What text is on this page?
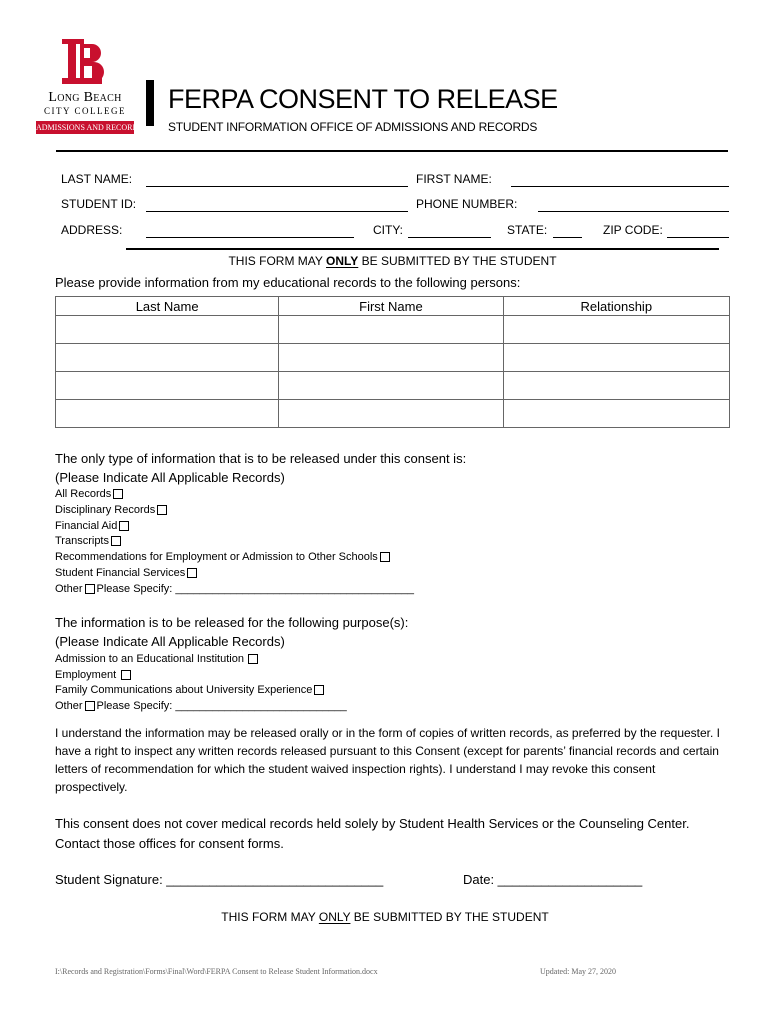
Long Beach
CITY COLLEGE
ADMISSIONS AND RECORDS
FERPA CONSENT TO RELEASE
STUDENT INFORMATION OFFICE OF ADMISSIONS AND RECORDS
LAST NAME:	FIRST NAME:
STUDENT ID:	PHONE NUMBER:
ADDRESS:	CITY:	STATE:	ZIP CODE:
THIS FORM MAY ONLY BE SUBMITTED BY THE STUDENT
Please provide information from my educational records to the following persons:
Last Name	First Name	Relationship

The only type of information that is to be released under this consent is:
(Please Indicate All Applicable Records)
All Records
Disciplinary Records
Financial Aid
Transcripts
Recommendations for Employment or Admission to Other Schools
Student Financial Services
Other Please Specify: _______________________________________
The information is to be released for the following purpose(s):
(Please Indicate All Applicable Records)
Admission to an Educational Institution
Employment
Family Communications about University Experience
Other Please Specify: ____________________________
I understand the information may be released orally or in the form of copies of written records, as preferred by the requester. I have a right to inspect any written records released pursuant to this Consent (except for parents’ financial records and certain letters of recommendation for which the student waived inspection rights). I understand I may revoke this consent prospectively.
This consent does not cover medical records held solely by Student Health Services or the Counseling Center. Contact those offices for consent forms.
Student Signature: ______________________________	Date: ____________________
THIS FORM MAY ONLY BE SUBMITTED BY THE STUDENT
I:\Records and Registration\Forms\Final\Word\FERPA Consent to Release Student Information.docx	Updated: May 27, 2020
